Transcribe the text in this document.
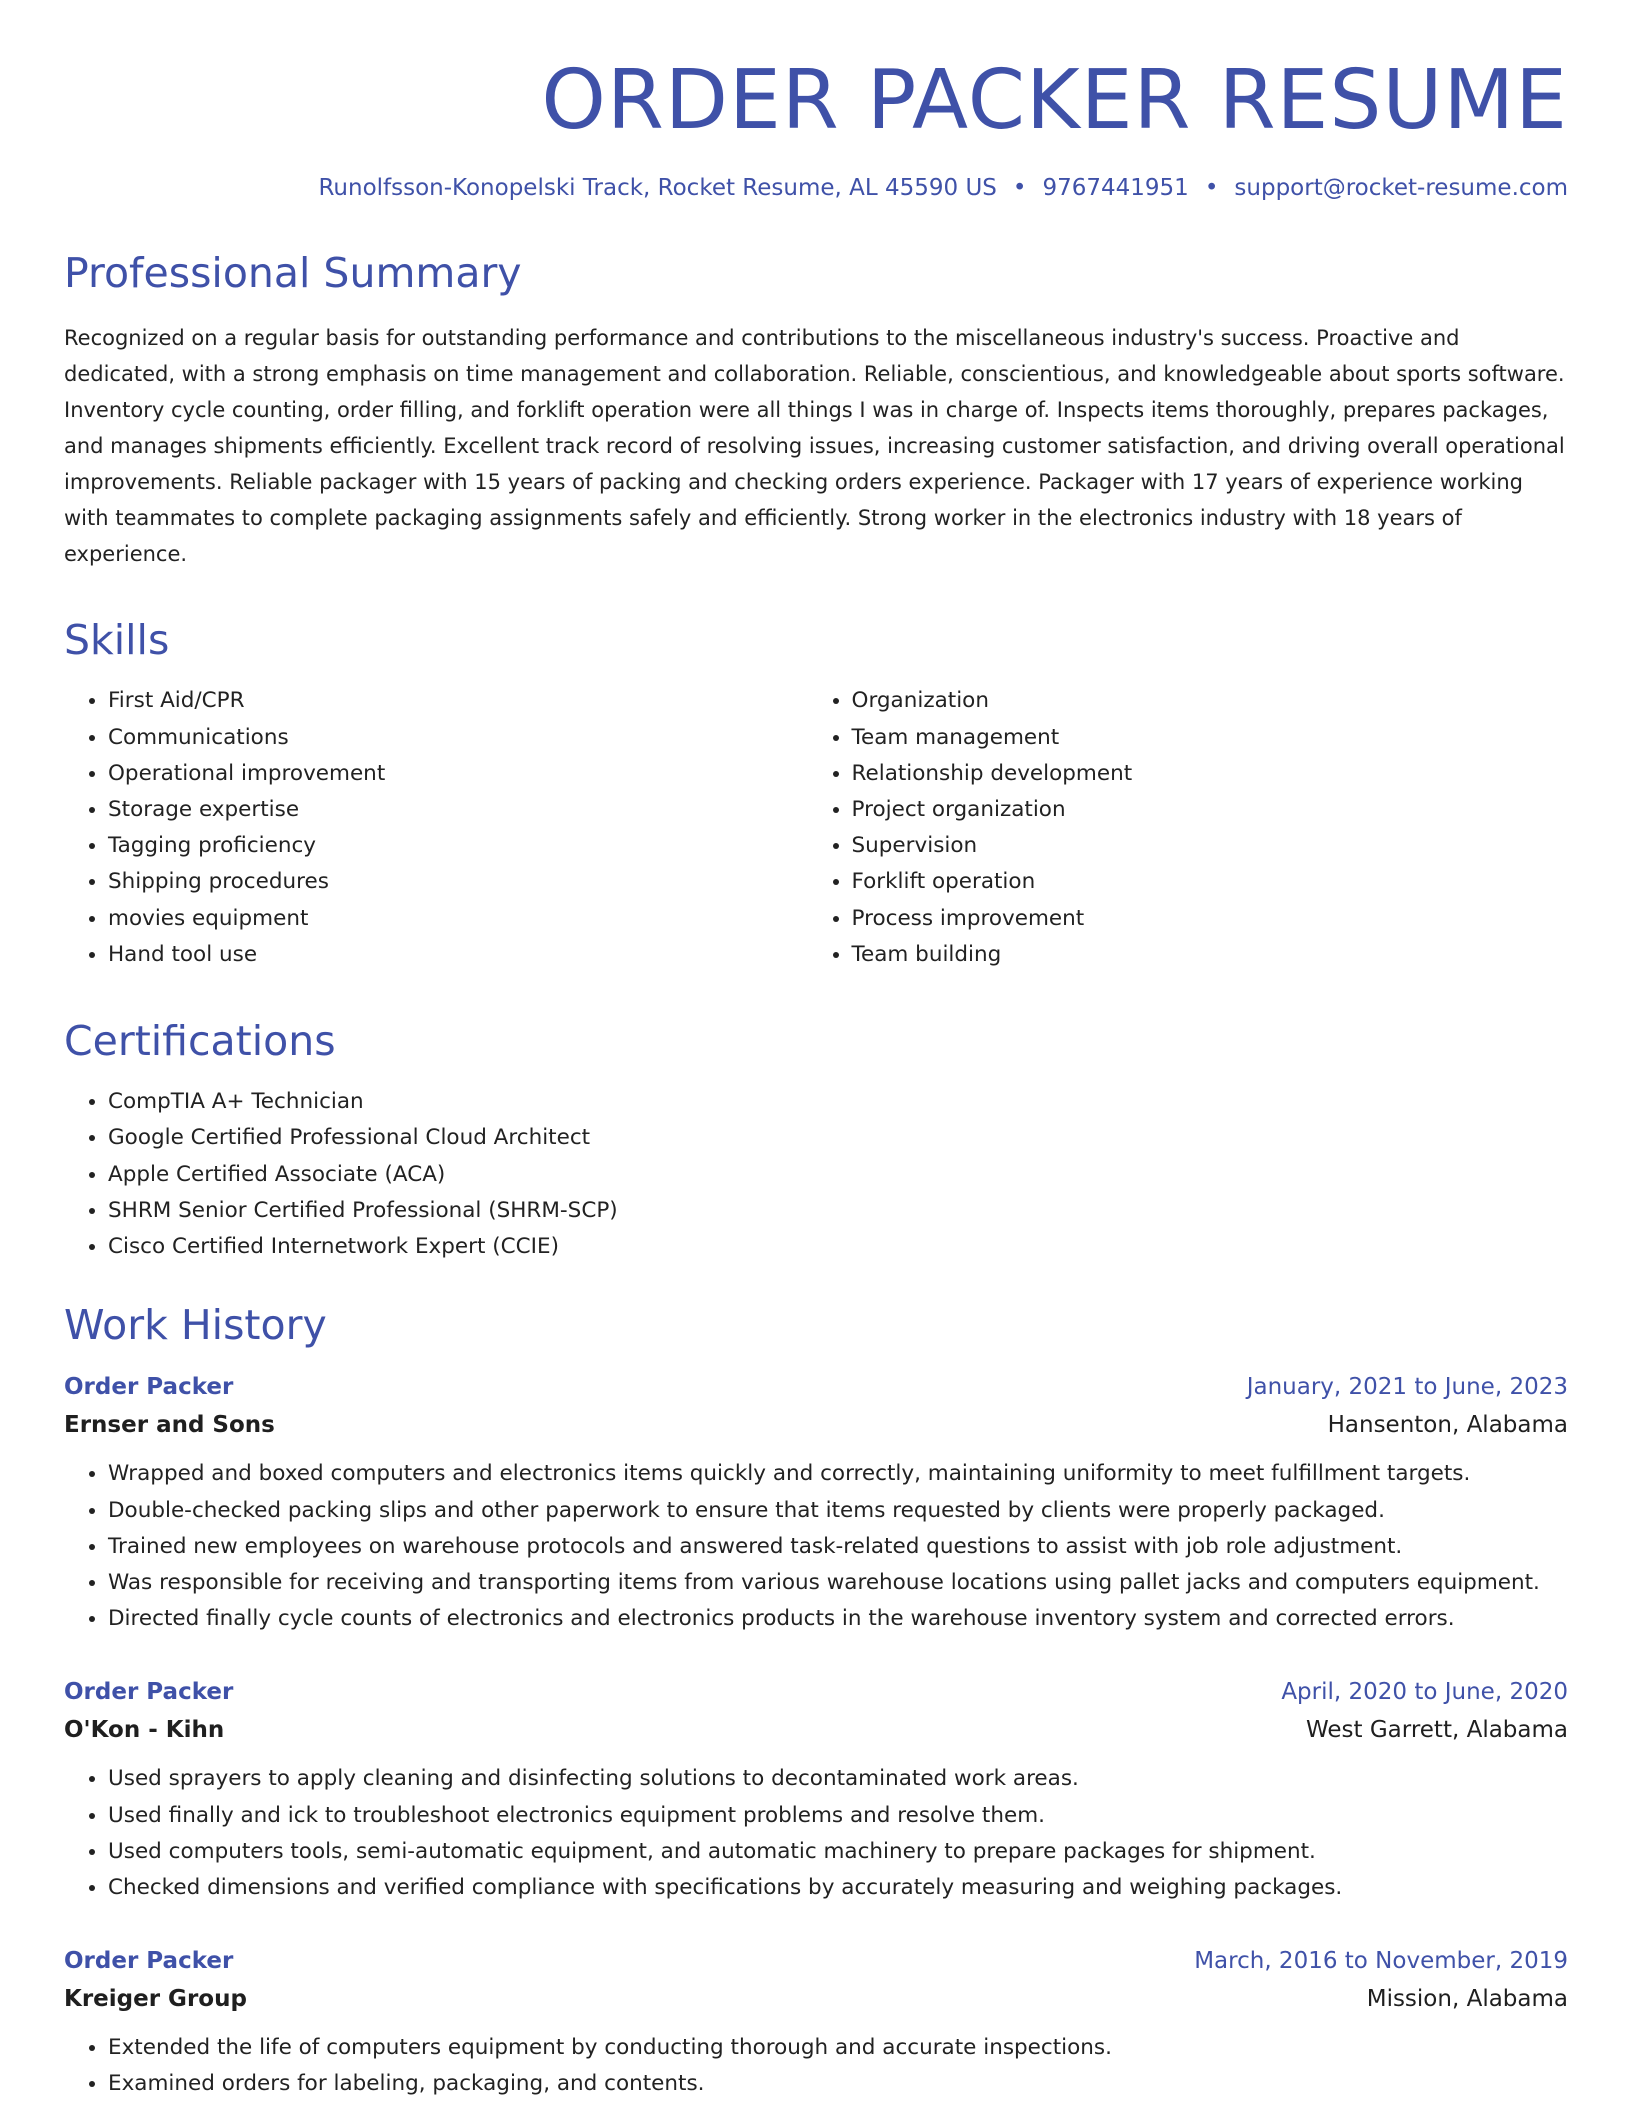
ORDER PACKER RESUME
Runolfsson-Konopelski Track, Rocket Resume, AL 45590 US • 9767441951 • support@rocket-resume.com
Professional Summary
Recognized on a regular basis for outstanding performance and contributions to the miscellaneous industry's success. Proactive and dedicated, with a strong emphasis on time management and collaboration. Reliable, conscientious, and knowledgeable about sports software. Inventory cycle counting, order filling, and forklift operation were all things I was in charge of. Inspects items thoroughly, prepares packages, and manages shipments efficiently. Excellent track record of resolving issues, increasing customer satisfaction, and driving overall operational improvements. Reliable packager with 15 years of packing and checking orders experience. Packager with 17 years of experience working with teammates to complete packaging assignments safely and efficiently. Strong worker in the electronics industry with 18 years of experience.
Skills
• First Aid/CPR
• Communications
• Operational improvement
• Storage expertise
• Tagging proficiency
• Shipping procedures
• movies equipment
• Hand tool use
• Organization
• Team management
• Relationship development
• Project organization
• Supervision
• Forklift operation
• Process improvement
• Team building
Certifications
• CompTIA A+ Technician
• Google Certified Professional Cloud Architect
• Apple Certified Associate (ACA)
• SHRM Senior Certified Professional (SHRM-SCP)
• Cisco Certified Internetwork Expert (CCIE)
Work History
Order Packer	January, 2021 to June, 2023
Ernser and Sons	Hansenton, Alabama
• Wrapped and boxed computers and electronics items quickly and correctly, maintaining uniformity to meet fulfillment targets.
• Double-checked packing slips and other paperwork to ensure that items requested by clients were properly packaged.
• Trained new employees on warehouse protocols and answered task-related questions to assist with job role adjustment.
• Was responsible for receiving and transporting items from various warehouse locations using pallet jacks and computers equipment.
• Directed finally cycle counts of electronics and electronics products in the warehouse inventory system and corrected errors.
Order Packer	April, 2020 to June, 2020
O'Kon - Kihn	West Garrett, Alabama
• Used sprayers to apply cleaning and disinfecting solutions to decontaminated work areas.
• Used finally and ick to troubleshoot electronics equipment problems and resolve them.
• Used computers tools, semi-automatic equipment, and automatic machinery to prepare packages for shipment.
• Checked dimensions and verified compliance with specifications by accurately measuring and weighing packages.
Order Packer	March, 2016 to November, 2019
Kreiger Group	Mission, Alabama
• Extended the life of computers equipment by conducting thorough and accurate inspections.
• Examined orders for labeling, packaging, and contents.
